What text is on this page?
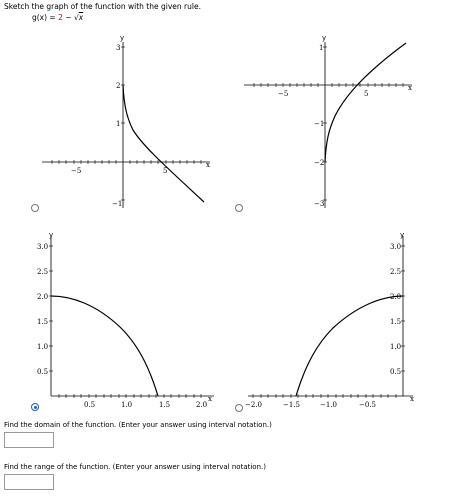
Sketch the graph of the function with the given rule.
g(x) = 2 − √x
y
x
−5	5
3
2
1
−1
y
x
−5	5
1
−1
−2
−3
y
x
0.5	1.0	1.5	2.0
3.0
2.5
2.0
1.5
1.0
0.5
y
x
−2.0	−1.5	−1.0	−0.5
3.0
2.5
2.0
1.5
1.0
0.5
Find the domain of the function. (Enter your answer using interval notation.)
Find the range of the function. (Enter your answer using interval notation.)
